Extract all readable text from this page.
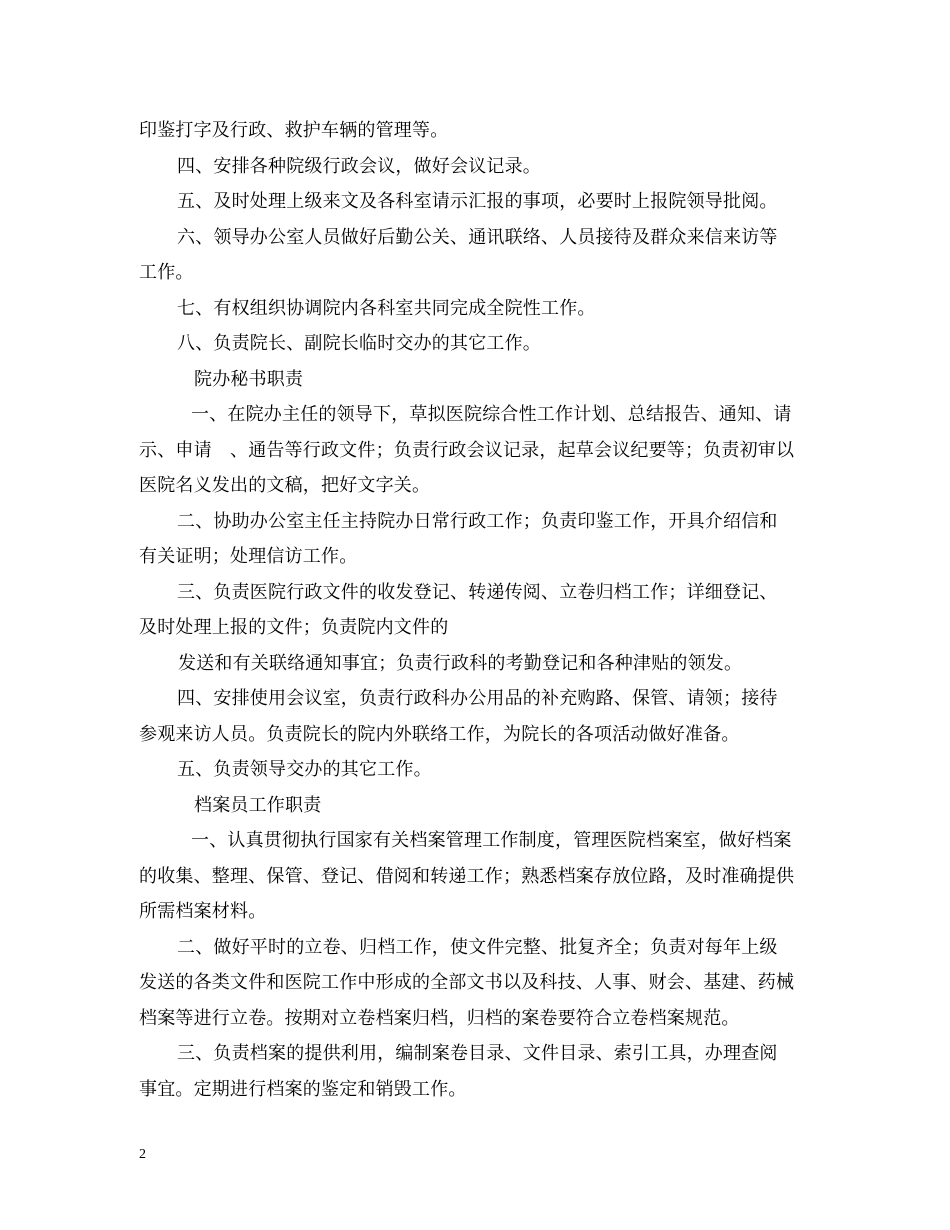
印鉴打字及行政、救护车辆的管理等。
四、安排各种院级行政会议，做好会议记录。
五、及时处理上级来文及各科室请示汇报的事项，必要时上报院领导批阅。
六、领导办公室人员做好后勤公关、通讯联络、人员接待及群众来信来访等
工作。
七、有权组织协调院内各科室共同完成全院性工作。
八、负责院长、副院长临时交办的其它工作。
院办秘书职责
一、在院办主任的领导下，草拟医院综合性工作计划、总结报告、通知、请
示、申请　、通告等行政文件；负责行政会议记录，起草会议纪要等；负责初审以
医院名义发出的文稿，把好文字关。
二、协助办公室主任主持院办日常行政工作；负责印鉴工作，开具介绍信和
有关证明；处理信访工作。
三、负责医院行政文件的收发登记、转递传阅、立卷归档工作；详细登记、
及时处理上报的文件；负责院内文件的
发送和有关联络通知事宜；负责行政科的考勤登记和各种津贴的领发。
四、安排使用会议室，负责行政科办公用品的补充购路、保管、请领；接待
参观来访人员。负责院长的院内外联络工作，为院长的各项活动做好准备。
五、负责领导交办的其它工作。
档案员工作职责
一、认真贯彻执行国家有关档案管理工作制度，管理医院档案室，做好档案
的收集、整理、保管、登记、借阅和转递工作；熟悉档案存放位路，及时准确提供
所需档案材料。
二、做好平时的立卷、归档工作，使文件完整、批复齐全；负责对每年上级
发送的各类文件和医院工作中形成的全部文书以及科技、人事、财会、基建、药械
档案等进行立卷。按期对立卷档案归档，归档的案卷要符合立卷档案规范。
三、负责档案的提供利用，编制案卷目录、文件目录、索引工具，办理查阅
事宜。定期进行档案的鉴定和销毁工作。
2
